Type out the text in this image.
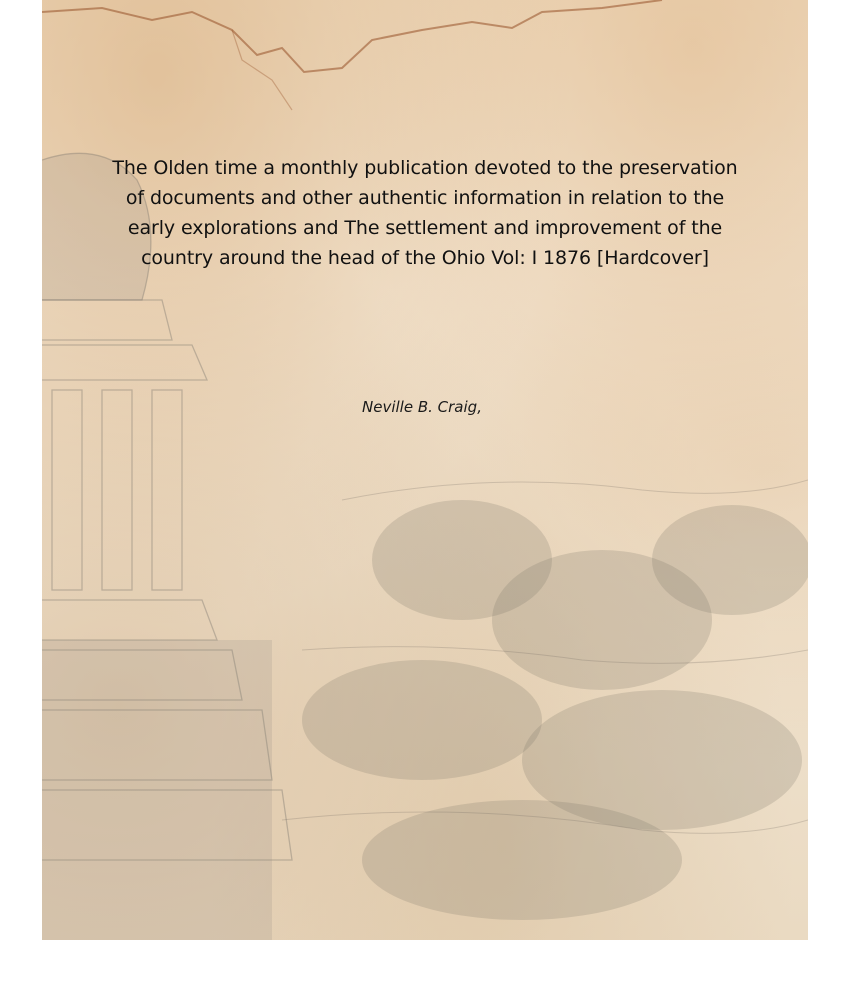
​
The Olden time a monthly publication devoted to the preservation of documents and other authentic information in relation to the early explorations and The settlement and improvement of the country around the head of the Ohio Vol: I 1876 [Hardcover]
Neville B. Craig,
